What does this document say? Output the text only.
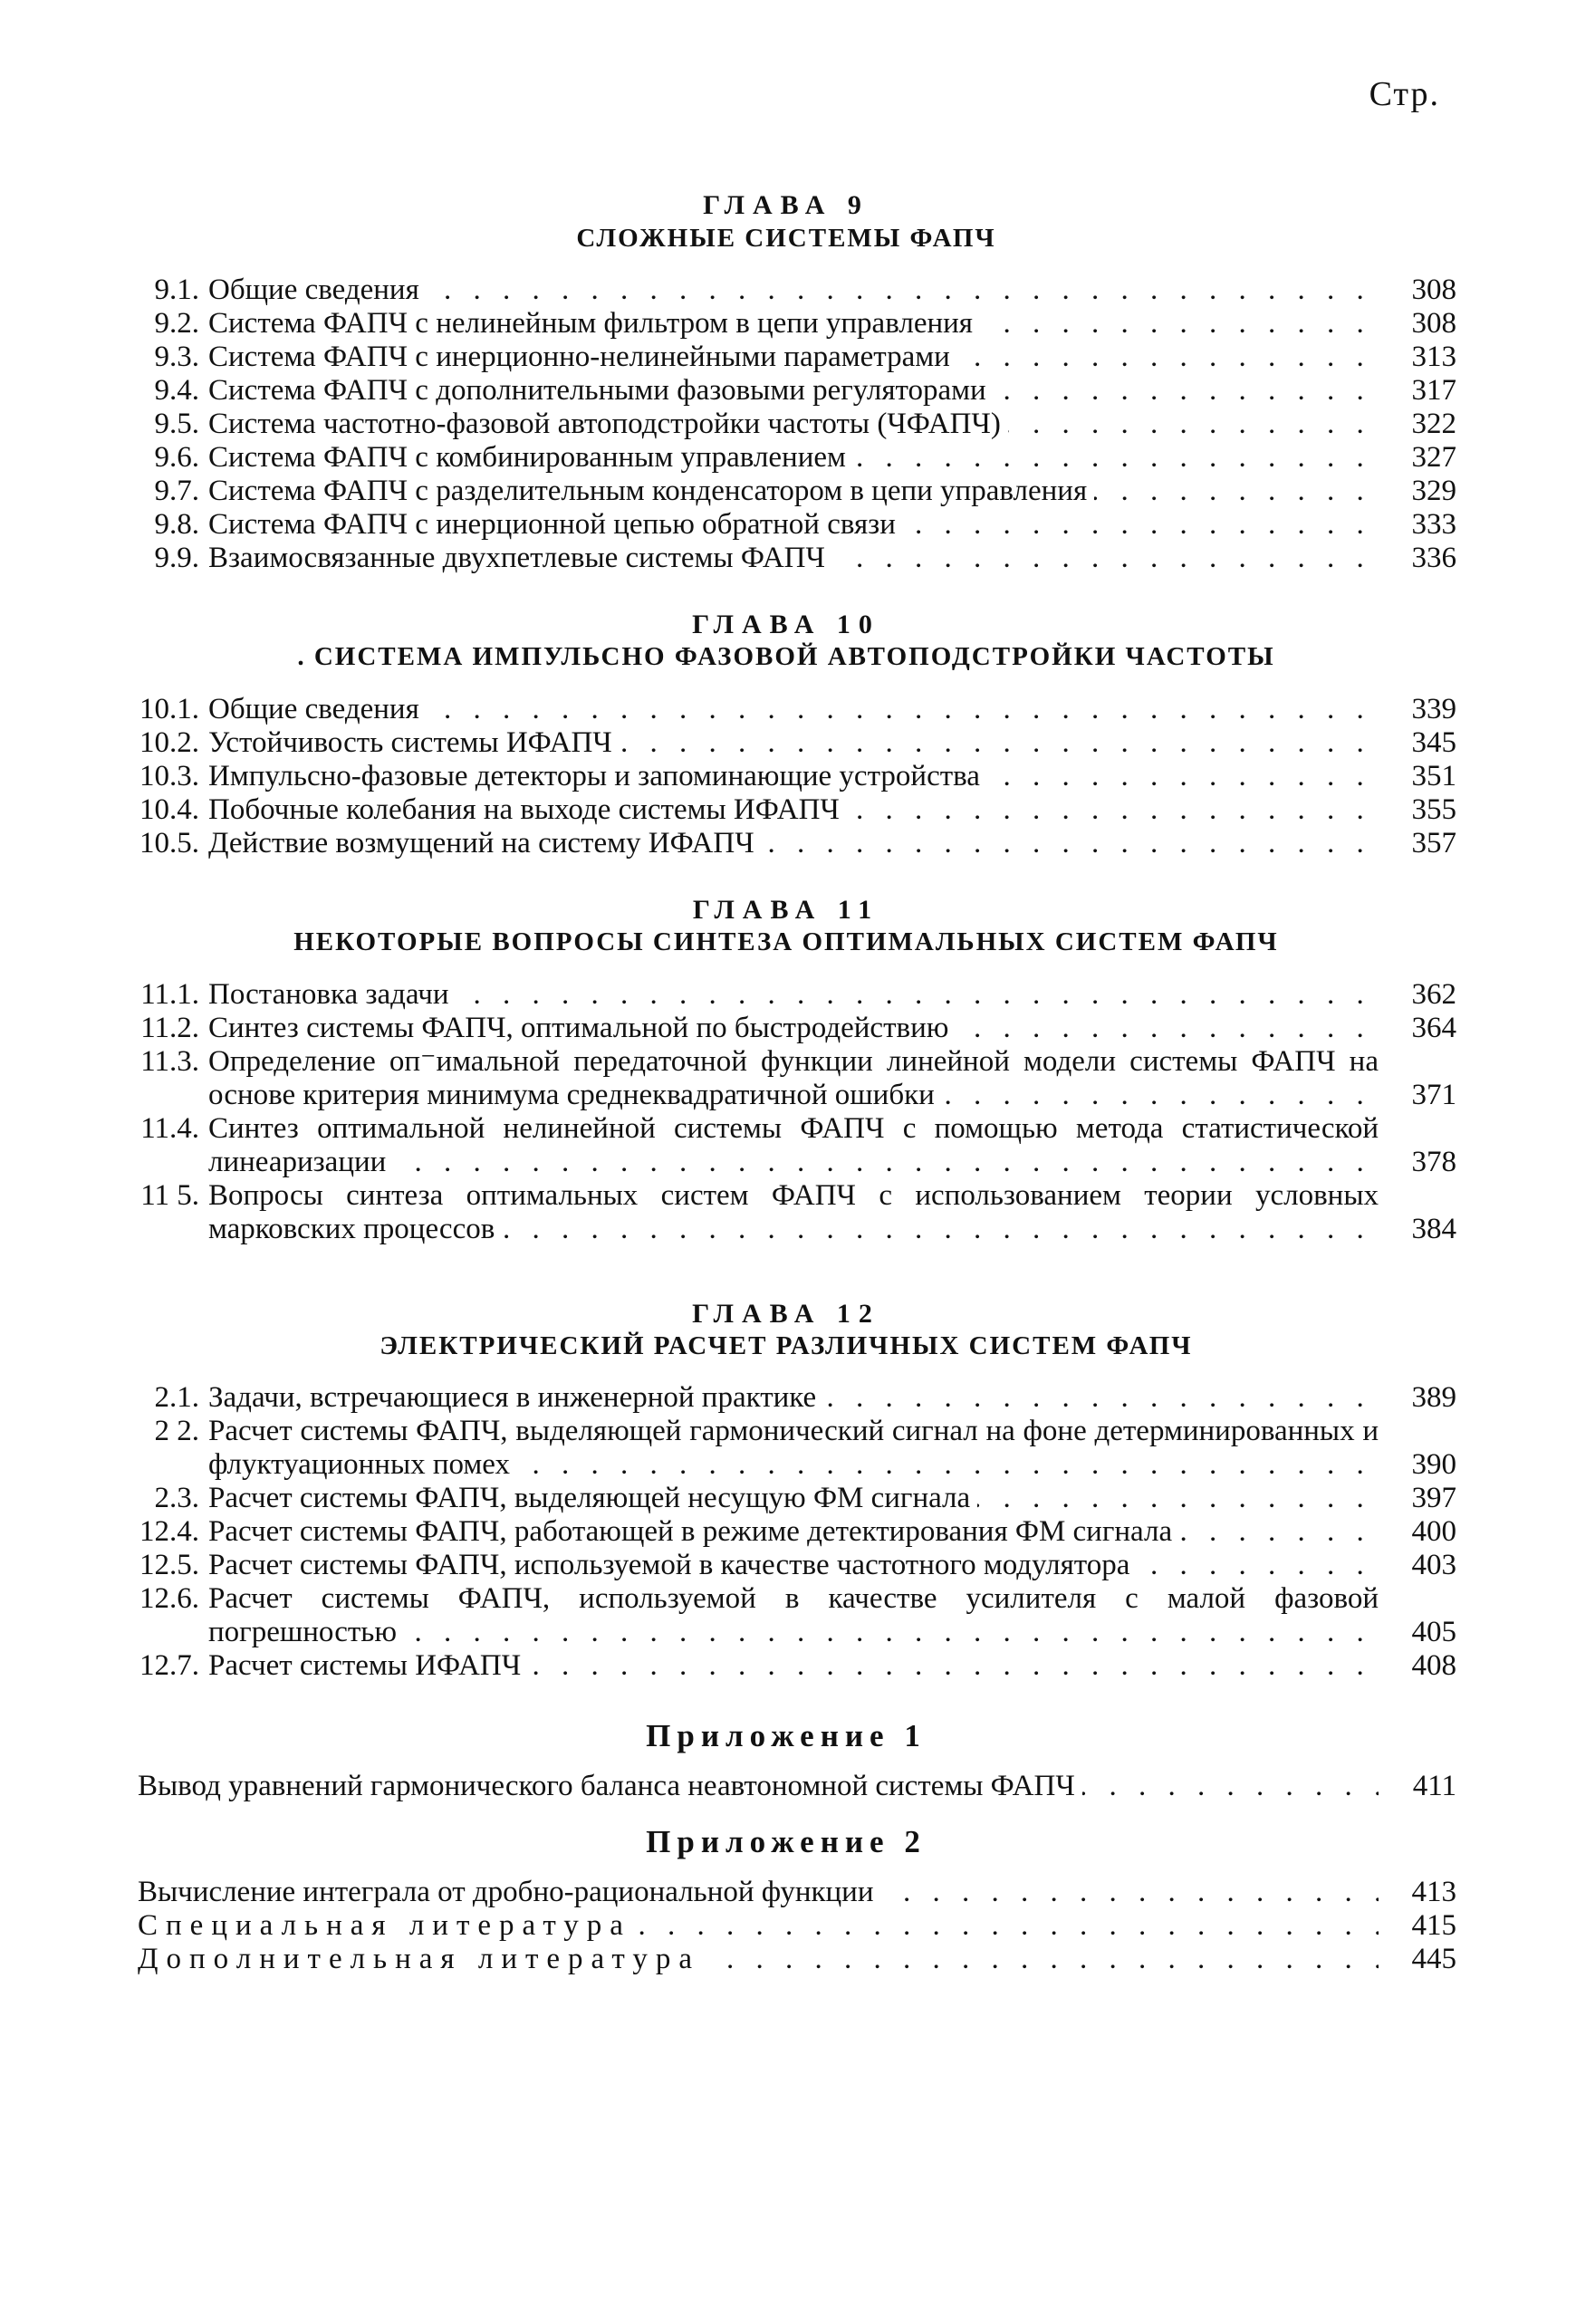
Стр.
ГЛАВА 9
СЛОЖНЫЕ СИСТЕМЫ ФАПЧ
9.1. Общие сведения . . .	308
9.2. Система ФАПЧ с нелинейным фильтром в цепи управления . . .	308
9.3. Система ФАПЧ с инерционно-нелинейными параметрами . . .	313
9.4. Система ФАПЧ с дополнительными фазовыми регуляторами . . .	317
9.5. Система частотно-фазовой автоподстройки частоты (ЧФАПЧ) . . .	322
9.6. Система ФАПЧ с комбинированным управлением . . .	327
9.7. Система ФАПЧ с разделительным конденсатором в цепи управления . . .	329
9.8. Система ФАПЧ с инерционной цепью обратной связи . . .	333
9.9. Взаимосвязанные двухпетлевые системы ФАПЧ . . .	336
ГЛАВА 10
. СИСТЕМА ИМПУЛЬСНО ФАЗОВОЙ АВТОПОДСТРОЙКИ ЧАСТОТЫ
10.1. Общие сведения . . .	339
10.2. Устойчивость системы ИФАПЧ . . .	345
10.3. Импульсно-фазовые детекторы и запоминающие устройства . . .	351
10.4. Побочные колебания на выходе системы ИФАПЧ . . .	355
10.5. Действие возмущений на систему ИФАПЧ . . .	357
ГЛАВА 11
НЕКОТОРЫЕ ВОПРОСЫ СИНТЕЗА ОПТИМАЛЬНЫХ СИСТЕМ ФАПЧ
11.1. Постановка задачи . . .	362
11.2. Синтез системы ФАПЧ, оптимальной по быстродействию . . .	364
11.3. Определение оп⁻имальной передаточной функции линейной модели системы ФАПЧ на основе критерия минимума среднеквадратичной ошибки . . .	371
11.4. Синтез оптимальной нелинейной системы ФАПЧ с помощью метода статистической линеаризации . . .	378
11 5. Вопросы синтеза оптимальных систем ФАПЧ с использованием теории условных марковских процессов . . .	384
ГЛАВА 12
ЭЛЕКТРИЧЕСКИЙ РАСЧЕТ РАЗЛИЧНЫХ СИСТЕМ ФАПЧ
2.1. Задачи, встречающиеся в инженерной практике . . .	389
2 2. Расчет системы ФАПЧ, выделяющей гармонический сигнал на фоне детерминированных и флуктуационных помех . . .	390
2.3. Расчет системы ФАПЧ, выделяющей несущую ФМ сигнала . . .	397
12.4. Расчет системы ФАПЧ, работающей в режиме детектирования ФМ сигнала . . .	400
12.5. Расчет системы ФАПЧ, используемой в качестве частотного модулятора . . .	403
12.6. Расчет системы ФАПЧ, используемой в качестве усилителя с малой фазовой погрешностью . . .	405
12.7. Расчет системы ИФАПЧ . . .	408
Приложение 1
Вывод уравнений гармонического баланса неавтономной системы ФАПЧ . . .	411
Приложение 2
Вычисление интеграла от дробно-рациональной функции . . .	413
Специальная литература . . .	415
Дополнительная литература . . .	445
